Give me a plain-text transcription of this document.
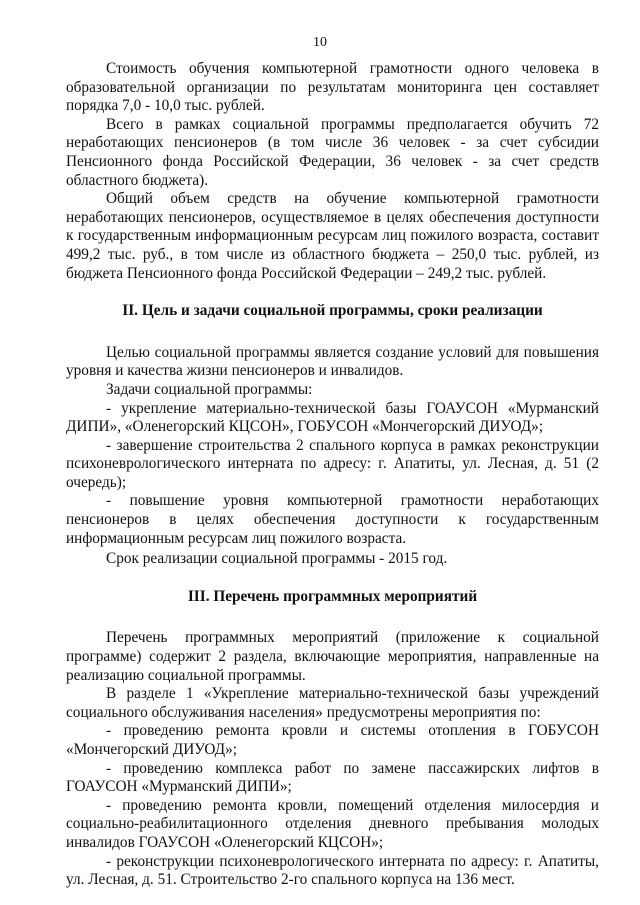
10

Стоимость обучения компьютерной грамотности одного человека в образовательной организации по результатам мониторинга цен составляет порядка 7,0 - 10,0 тыс. рублей.

Всего в рамках социальной программы предполагается обучить 72 неработающих пенсионеров (в том числе 36 человек - за счет субсидии Пенсионного фонда Российской Федерации, 36 человек - за счет средств областного бюджета).

Общий объем средств на обучение компьютерной грамотности неработающих пенсионеров, осуществляемое в целях обеспечения доступности к государственным информационным ресурсам лиц пожилого возраста, составит 499,2 тыс. руб., в том числе из областного бюджета – 250,0 тыс. рублей, из бюджета Пенсионного фонда Российской Федерации – 249,2 тыс. рублей.

II. Цель и задачи социальной программы, сроки реализации

Целью социальной программы является создание условий для повышения уровня и качества жизни пенсионеров и инвалидов.

Задачи социальной программы:

- укрепление материально-технической базы ГОАУСОН «Мурманский ДИПИ», «Оленегорский КЦСОН», ГОБУСОН «Мончегорский ДИУОД»;

- завершение строительства 2 спального корпуса в рамках реконструкции психоневрологического интерната по адресу: г. Апатиты, ул. Лесная, д. 51 (2 очередь);

- повышение уровня компьютерной грамотности неработающих пенсионеров в целях обеспечения доступности к государственным информационным ресурсам лиц пожилого возраста.

Срок реализации социальной программы - 2015 год.

III. Перечень программных мероприятий

Перечень программных мероприятий (приложение к социальной программе) содержит 2 раздела, включающие мероприятия, направленные на реализацию социальной программы.

В разделе 1 «Укрепление материально-технической базы учреждений социального обслуживания населения» предусмотрены мероприятия по:

- проведению ремонта кровли и системы отопления в ГОБУСОН «Мончегорский ДИУОД»;

- проведению комплекса работ по замене пассажирских лифтов в ГОАУСОН «Мурманский ДИПИ»;

- проведению ремонта кровли, помещений отделения милосердия и социально-реабилитационного отделения дневного пребывания молодых инвалидов ГОАУСОН «Оленегорский КЦСОН»;

- реконструкции психоневрологического интерната по адресу: г. Апатиты, ул. Лесная, д. 51. Строительство 2-го спального корпуса на 136 мест.
